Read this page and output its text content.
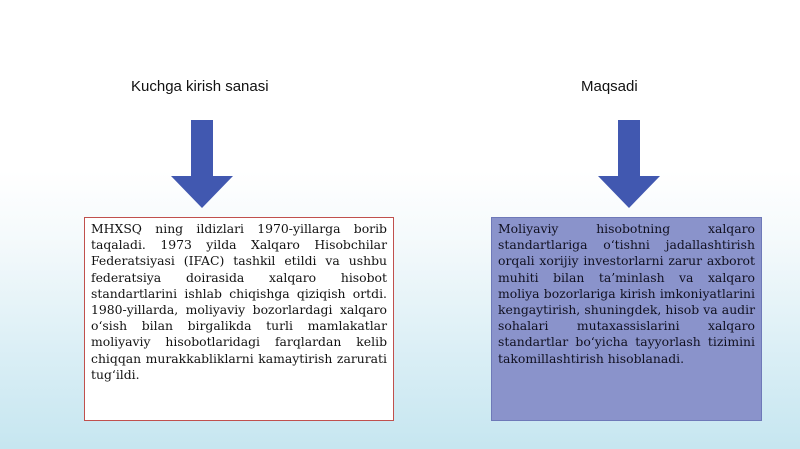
Kuchga kirish sanasi	Maqsadi
MHXSQ ning ildizlari 1970-yillarga borib taqaladi. 1973 yilda Xalqaro Hisobchilar Federatsiyasi (IFAC) tashkil etildi va ushbu federatsiya doirasida xalqaro hisobot standartlarini ishlab chiqishga qiziqish ortdi. 1980-yillarda, moliyaviy bozorlardagi xalqaro o‘sish bilan birgalikda turli mamlakatlar moliyaviy hisobotlaridagi farqlardan kelib chiqqan murakkabliklarni kamaytirish zarurati tug‘ildi.
Moliyaviy hisobotning xalqaro standartlariga o‘tishni jadallashtirish orqali xorijiy investorlarni zarur axborot muhiti bilan ta’minlash va xalqaro moliya bozorlariga kirish imkoniyatlarini kengaytirish, shuningdek, hisob va audir sohalari mutaxassislarini xalqaro standartlar bo‘yicha tayyorlash tizimini takomillashtirish hisoblanadi.
